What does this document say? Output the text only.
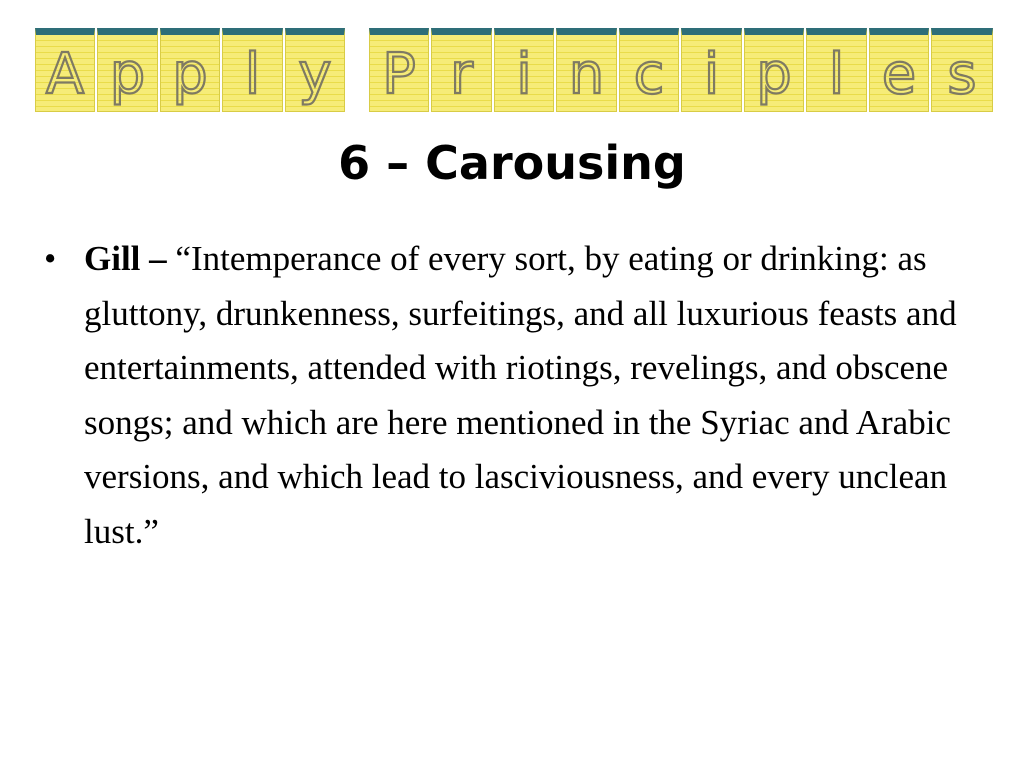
A p p l y P r i n c i p l e s
6 – Carousing
• Gill – “Intemperance of every sort, by eating or drinking: as gluttony, drunkenness, surfeitings, and all luxurious feasts and entertainments, attended with riotings, revelings, and obscene songs; and which are here mentioned in the Syriac and Arabic versions, and which lead to lasciviousness, and every unclean lust.”
